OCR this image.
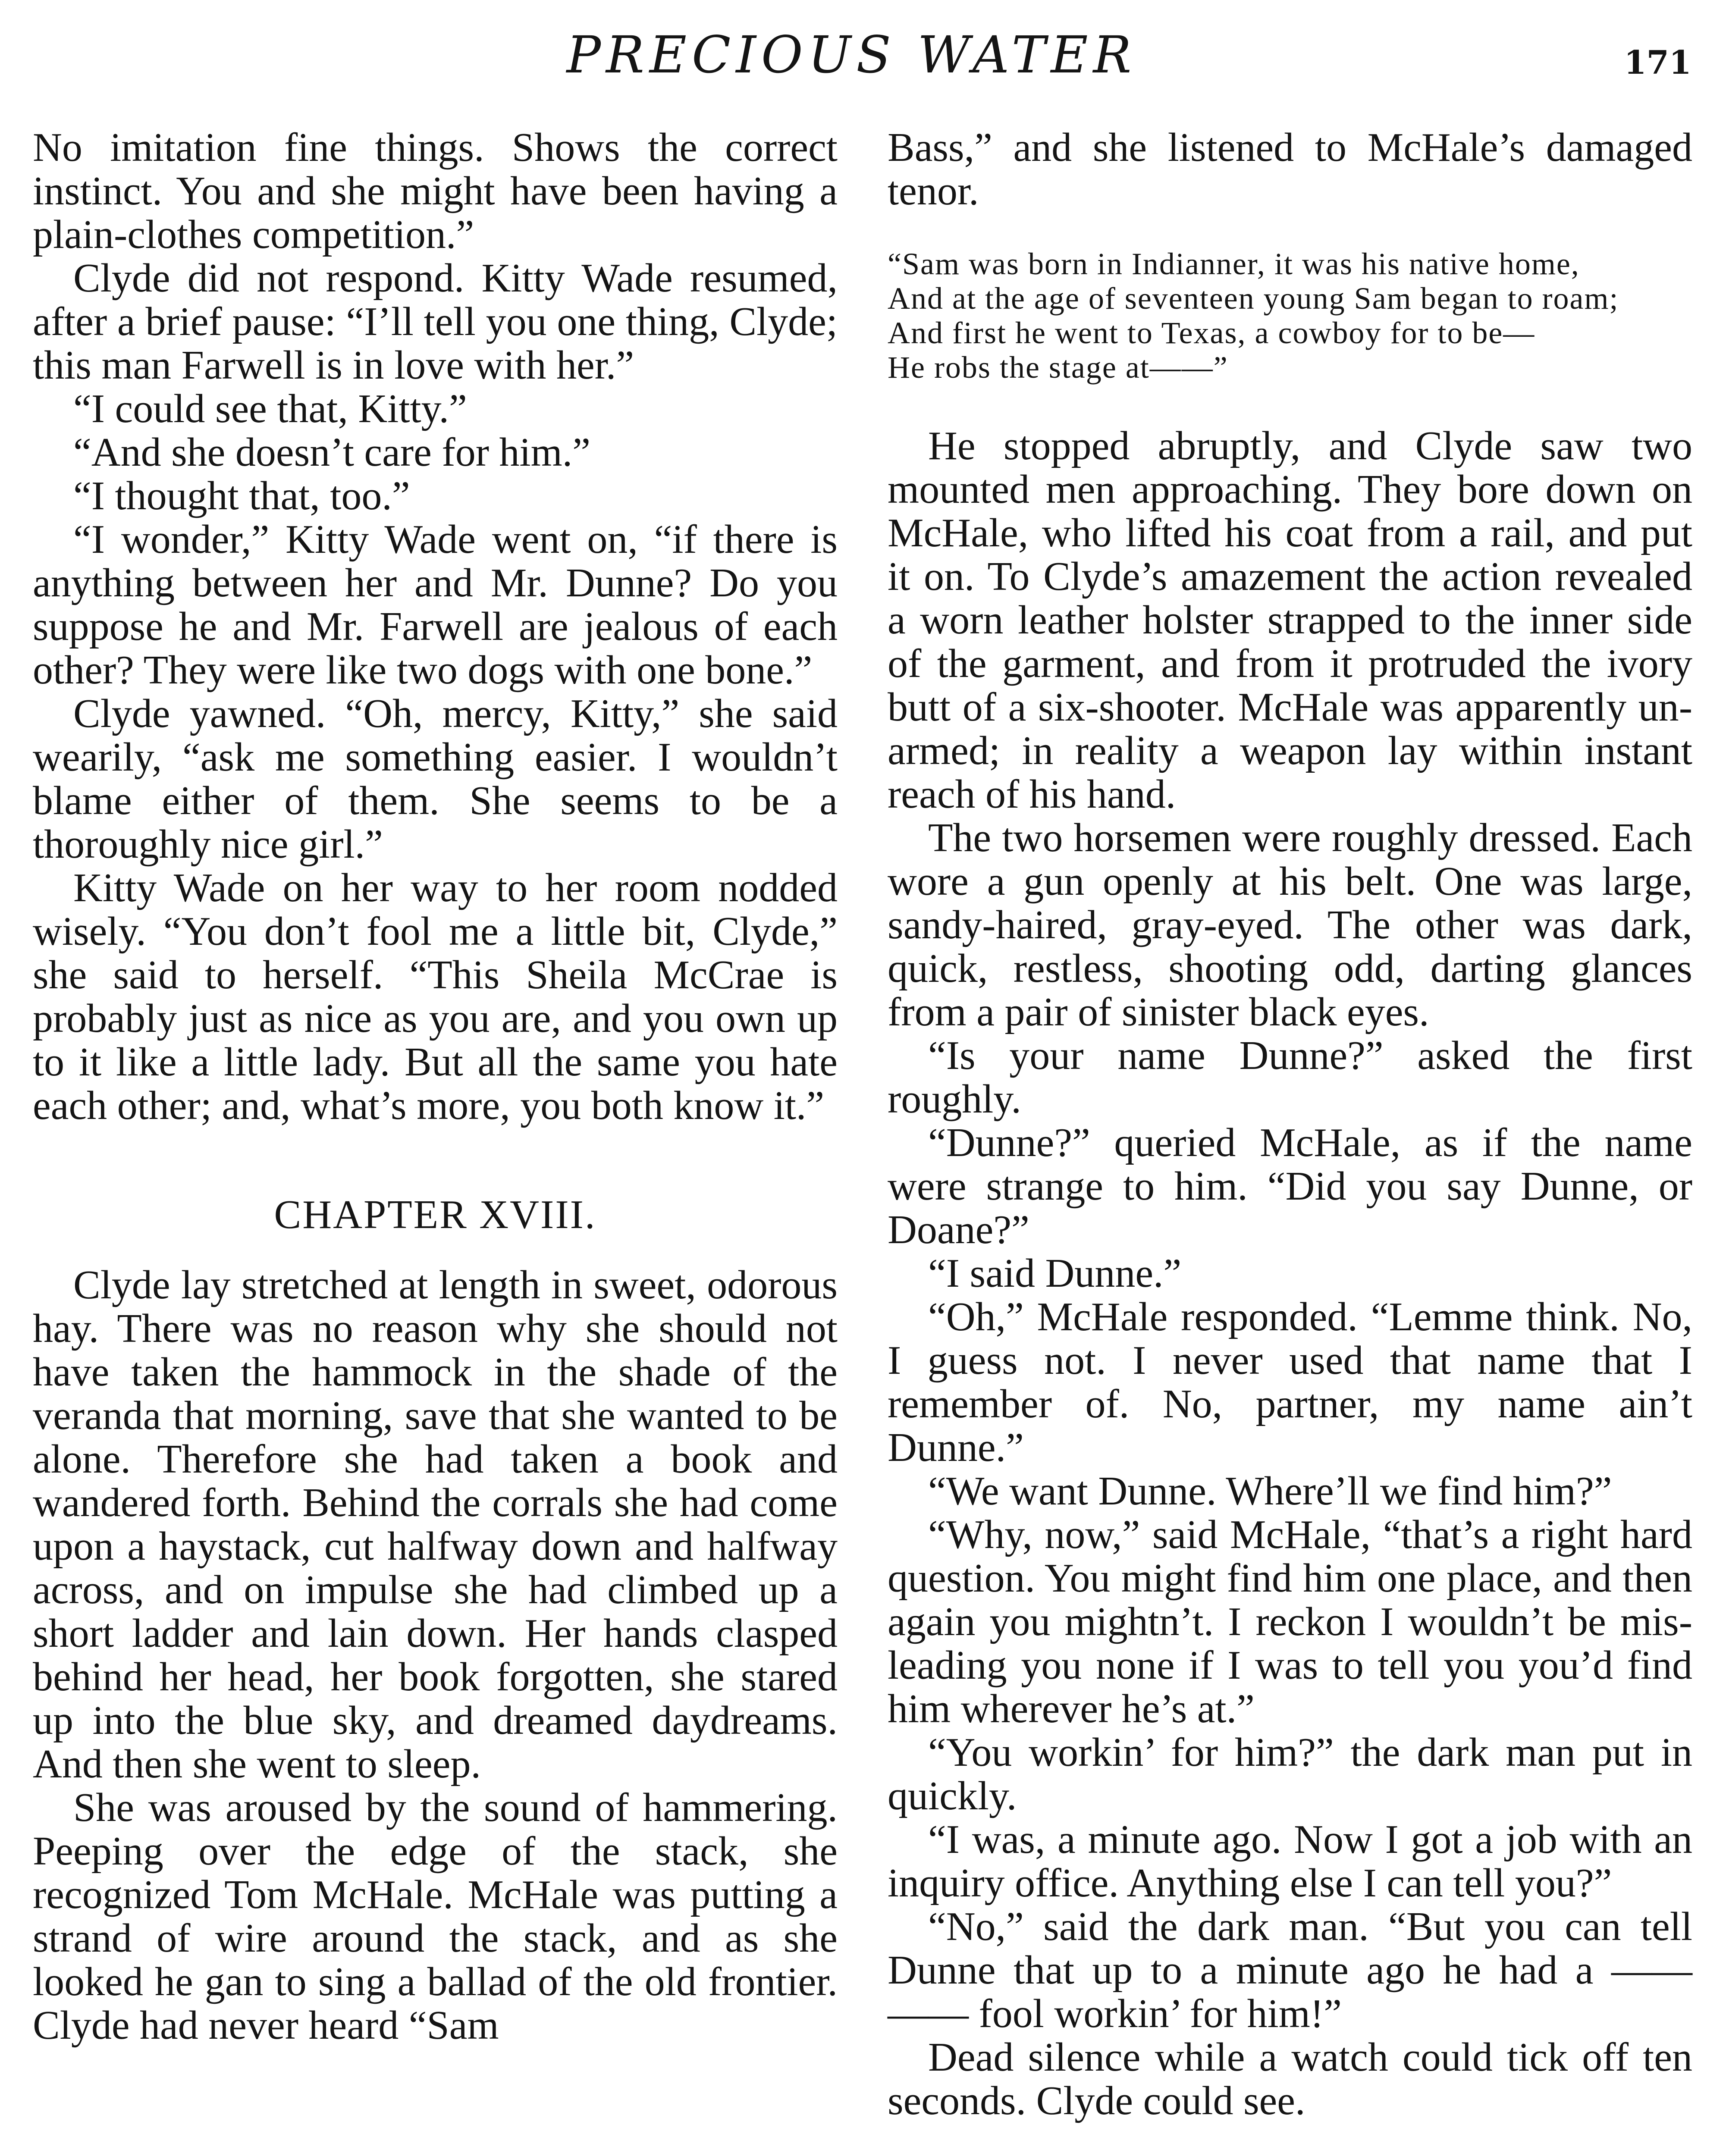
PRECIOUS WATER	171

No imitation fine things. Shows the correct instinct. You and she might have been having a plain-clothes competition.”

Clyde did not respond. Kitty Wade resumed, after a brief pause: “I’ll tell you one thing, Clyde; this man Farwell is in love with her.”

“I could see that, Kitty.”

“And she doesn’t care for him.”

“I thought that, too.”

“I wonder,” Kitty Wade went on, “if there is anything between her and Mr. Dunne? Do you suppose he and Mr. Farwell are jealous of each other? They were like two dogs with one bone.”

Clyde yawned. “Oh, mercy, Kitty,” she said wearily, “ask me something easier. I wouldn’t blame either of them. She seems to be a thoroughly nice girl.”

Kitty Wade on her way to her room nodded wisely. “You don’t fool me a little bit, Clyde,” she said to herself. “This Sheila McCrae is probably just as nice as you are, and you own up to it like a little lady. But all the same you hate each other; and, what’s more, you both know it.”

CHAPTER XVIII.

Clyde lay stretched at length in sweet, odorous hay. There was no reason why she should not have taken the hammock in the shade of the veranda that morning, save that she wanted to be alone. Therefore she had taken a book and wandered forth. Behind the corrals she had come upon a haystack, cut halfway down and halfway across, and on impulse she had climbed up a short ladder and lain down. Her hands clasped behind her head, her book forgotten, she stared up into the blue sky, and dreamed daydreams. And then she went to sleep.

She was aroused by the sound of hammering. Peeping over the edge of the stack, she recognized Tom McHale. McHale was putting a strand of wire around the stack, and as she looked he gan to sing a ballad of the old frontier. Clyde had never heard “Sam

Bass,” and she listened to McHale’s damaged tenor.

“Sam was born in Indianner, it was his native home,
And at the age of seventeen young Sam began to roam;
And first he went to Texas, a cowboy for to be—
He robs the stage at——”

He stopped abruptly, and Clyde saw two mounted men approaching. They bore down on McHale, who lifted his coat from a rail, and put it on. To Clyde’s amazement the action revealed a worn leather holster strapped to the inner side of the garment, and from it protruded the ivory butt of a six-shooter. McHale was apparently unarmed; in reality a weapon lay within instant reach of his hand.

The two horsemen were roughly dressed. Each wore a gun openly at his belt. One was large, sandy-haired, gray-eyed. The other was dark, quick, restless, shooting odd, darting glances from a pair of sinister black eyes.

“Is your name Dunne?” asked the first roughly.

“Dunne?” queried McHale, as if the name were strange to him. “Did you say Dunne, or Doane?”

“I said Dunne.”

“Oh,” McHale responded. “Lemme think. No, I guess not. I never used that name that I remember of. No, partner, my name ain’t Dunne.”

“We want Dunne. Where’ll we find him?”

“Why, now,” said McHale, “that’s a right hard question. You might find him one place, and then again you mightn’t. I reckon I wouldn’t be misleading you none if I was to tell you you’d find him wherever he’s at.”

“You workin’ for him?” the dark man put in quickly.

“I was, a minute ago. Now I got a job with an inquiry office. Anything else I can tell you?”

“No,” said the dark man. “But you can tell Dunne that up to a minute ago he had a —— —— fool workin’ for him!”

Dead silence while a watch could tick off ten seconds. Clyde could see.
